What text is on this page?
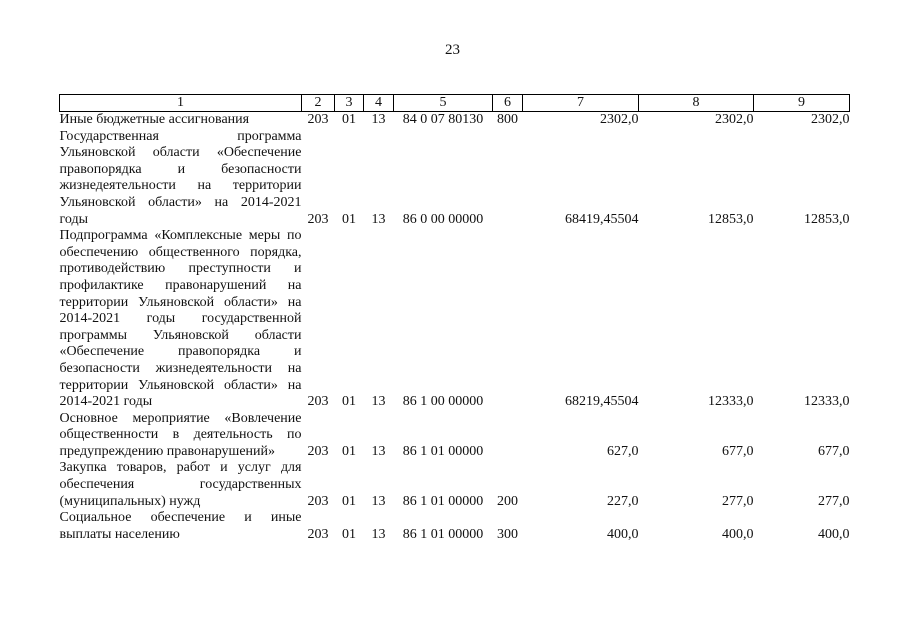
23
1	2	3	4	5	6	7	8	9

Иные бюджетные ассигнования	203	01	13	84 0 07 80130	800	2302,0	2302,0	2302,0

Государственная программа Ульяновской области «Обеспечение правопорядка и безопасности жизнедеятельности на территории Ульяновской области» на 2014-2021 годы	203	01	13	86 0 00 00000		68419,45504	12853,0	12853,0

Подпрограмма «Комплексные меры по обеспечению общественного порядка, противодействию преступности и профилактике правонарушений на территории Ульяновской области» на 2014-2021 годы государственной программы Ульяновской области «Обеспечение правопорядка и безопасности жизнедеятельности на территории Ульяновской области» на 2014-2021 годы	203	01	13	86 1 00 00000		68219,45504	12333,0	12333,0

Основное мероприятие «Вовлечение общественности в деятельность по предупреждению правонарушений»	203	01	13	86 1 01 00000		627,0	677,0	677,0

Закупка товаров, работ и услуг для обеспечения государственных (муниципальных) нужд	203	01	13	86 1 01 00000	200	227,0	277,0	277,0

Социальное обеспечение и иные выплаты населению	203	01	13	86 1 01 00000	300	400,0	400,0	400,0
